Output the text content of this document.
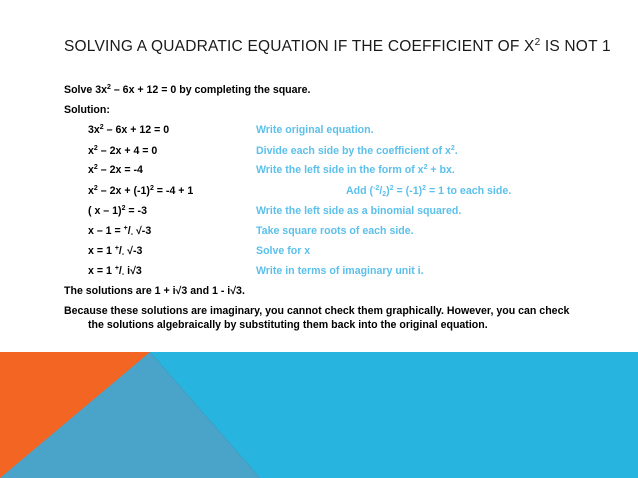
SOLVING A QUADRATIC EQUATION IF THE COEFFICIENT OF $X^2$ IS NOT 1
Solve $3x^2 - 6x + 12 = 0$ by completing the square.
Solution:
$3x^2 - 6x + 12 = 0$	Write original equation.
$x^2 - 2x + 4 = 0$	Divide each side by the coefficient of $x^2$.
$x^2 - 2x = -4$	Write the left side in the form of $x^2$ + bx.
$x^2 - 2x + (-1)^2 = -4 + 1$	Add $(^{-2}/_2)^2 = (-1)^2 = 1$ to each side.
( x – 1)$^2$ = -3	Write the left side as a binomial squared.
$x - 1 = ^+/_-$ √-3	Take square roots of each side.
x = 1 $^+/_-$ √-3	Solve for x
x = 1 $^+/_-$ i√3	Write in terms of imaginary unit i.
The solutions are 1 + i√3 and 1 - i√3.
Because these solutions are imaginary, you cannot check them graphically. However, you can check
the solutions algebraically by substituting them back into the original equation.
